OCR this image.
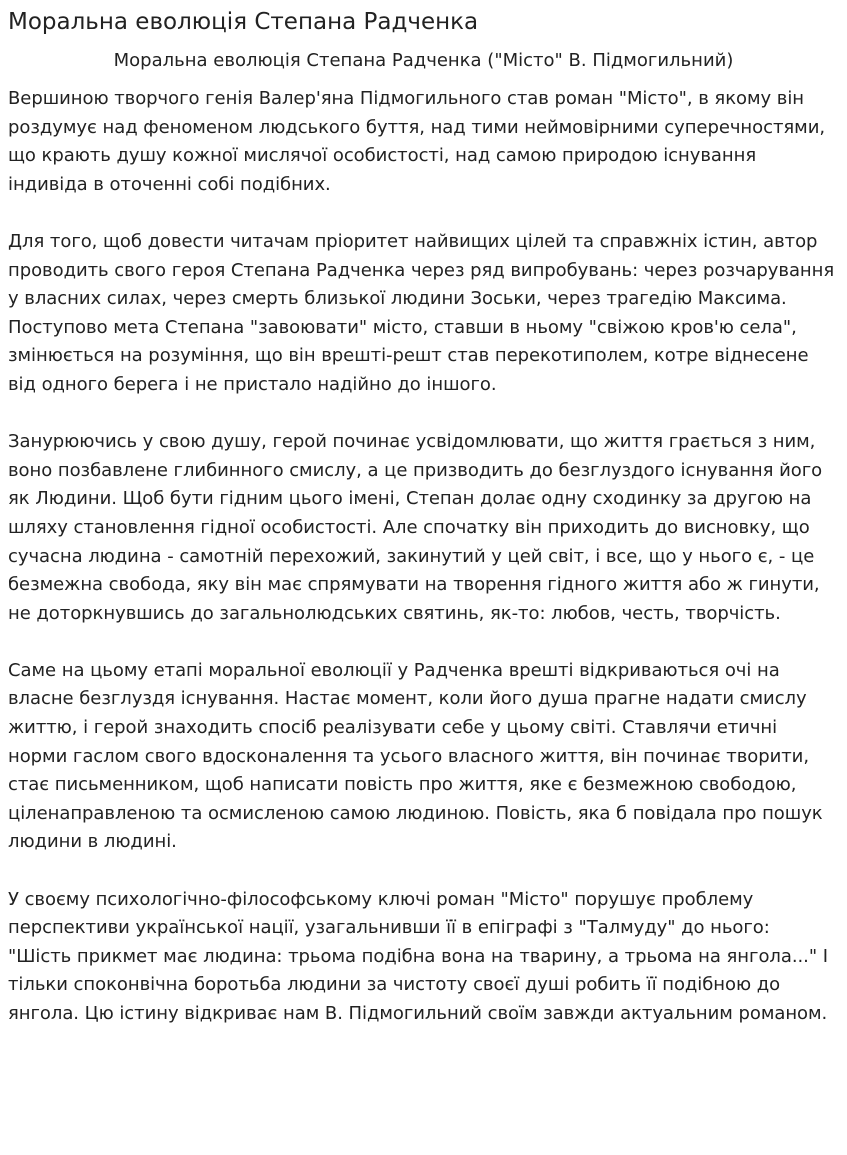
Моральна еволюція Степана Радченка
Моральна еволюція Степана Радченка ("Місто" В. Підмогильний)

Вершиною творчого генія Валер'яна Підмогильного став роман "Місто", в якому він роздумує над феноменом людського буття, над тими неймовірними суперечностями, що крають душу кожної мислячої особистості, над самою природою існування індивіда в оточенні собі подібних.

Для того, щоб довести читачам пріоритет найвищих цілей та справжніх істин, автор проводить свого героя Степана Радченка через ряд випробувань: через розчарування у власних силах, через смерть близької людини Зоськи, через трагедію Максима. Поступово мета Степана "завоювати" місто, ставши в ньому "свіжою кров'ю села", змінюється на розуміння, що він врешті-решт став перекотиполем, котре віднесене від одного берега і не пристало надійно до іншого.

Занурюючись у свою душу, герой починає усвідомлювати, що життя грається з ним, воно позбавлене глибинного смислу, а це призводить до безглуздого існування його як Людини. Щоб бути гідним цього імені, Степан долає одну сходинку за другою на шляху становлення гідної особистості. Але спочатку він приходить до висновку, що сучасна людина - самотній перехожий, закинутий у цей світ, і все, що у нього є, - це безмежна свобода, яку він має спрямувати на творення гідного життя або ж гинути, не доторкнувшись до загальнолюдських святинь, як-то: любов, честь, творчість.

Саме на цьому етапі моральної еволюції у Радченка врешті відкриваються очі на власне безглуздя існування. Настає момент, коли його душа прагне надати смислу життю, і герой знаходить спосіб реалізувати себе у цьому світі. Ставлячи етичні норми гаслом свого вдосконалення та усього власного життя, він починає творити, стає письменником, щоб написати повість про життя, яке є безмежною свободою, ціленаправленою та осмисленою самою людиною. Повість, яка б повідала про пошук людини в людині.

У своєму психологічно-філософському ключі роман "Місто" порушує проблему перспективи української нації, узагальнивши її в епіграфі з "Талмуду" до нього: "Шість прикмет має людина: трьома подібна вона на тварину, а трьома на янгола..." І тільки споконвічна боротьба людини за чистоту своєї душі робить її подібною до янгола. Цю істину відкриває нам В. Підмогильний своїм завжди актуальним романом.
